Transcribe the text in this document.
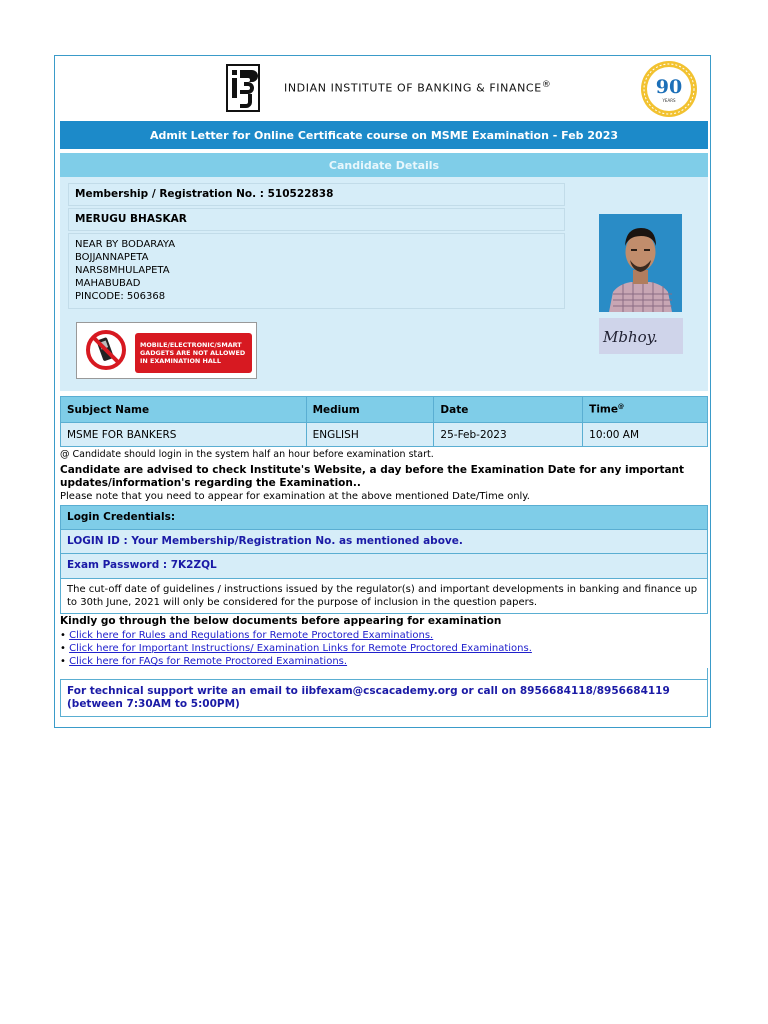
INDIAN INSTITUTE OF BANKING & FINANCE®	90
YEARS
Admit Letter for Online Certificate course on MSME Examination - Feb 2023
Candidate Details
Membership / Registration No. : 510522838
MERUGU BHASKAR
NEAR BY BODARAYA
BOJJANNAPETA
NARS8MHULAPETA
MAHABUBAD
PINCODE: 506368
Mbhoy.
MOBILE/ELECTRONIC/SMART
GADGETS ARE NOT ALLOWED
IN EXAMINATION HALL
Subject Name	Medium	Date	Time@
MSME FOR BANKERS	ENGLISH	25-Feb-2023	10:00 AM
@ Candidate should login in the system half an hour before examination start.
Candidate are advised to check Institute's Website, a day before the Examination Date for any important updates/information's regarding the Examination..
Please note that you need to appear for examination at the above mentioned Date/Time only.
Login Credentials:
LOGIN ID : Your Membership/Registration No. as mentioned above.
Exam Password : 7K2ZQL
The cut-off date of guidelines / instructions issued by the regulator(s) and important developments in banking and finance up to 30th June, 2021 will only be considered for the purpose of inclusion in the question papers.
Kindly go through the below documents before appearing for examination
• Click here for Rules and Regulations for Remote Proctored Examinations.
• Click here for Important Instructions/ Examination Links for Remote Proctored Examinations.
• Click here for FAQs for Remote Proctored Examinations.
For technical support write an email to iibfexam@cscacademy.org or call on 8956684118/8956684119
(between 7:30AM to 5:00PM)
